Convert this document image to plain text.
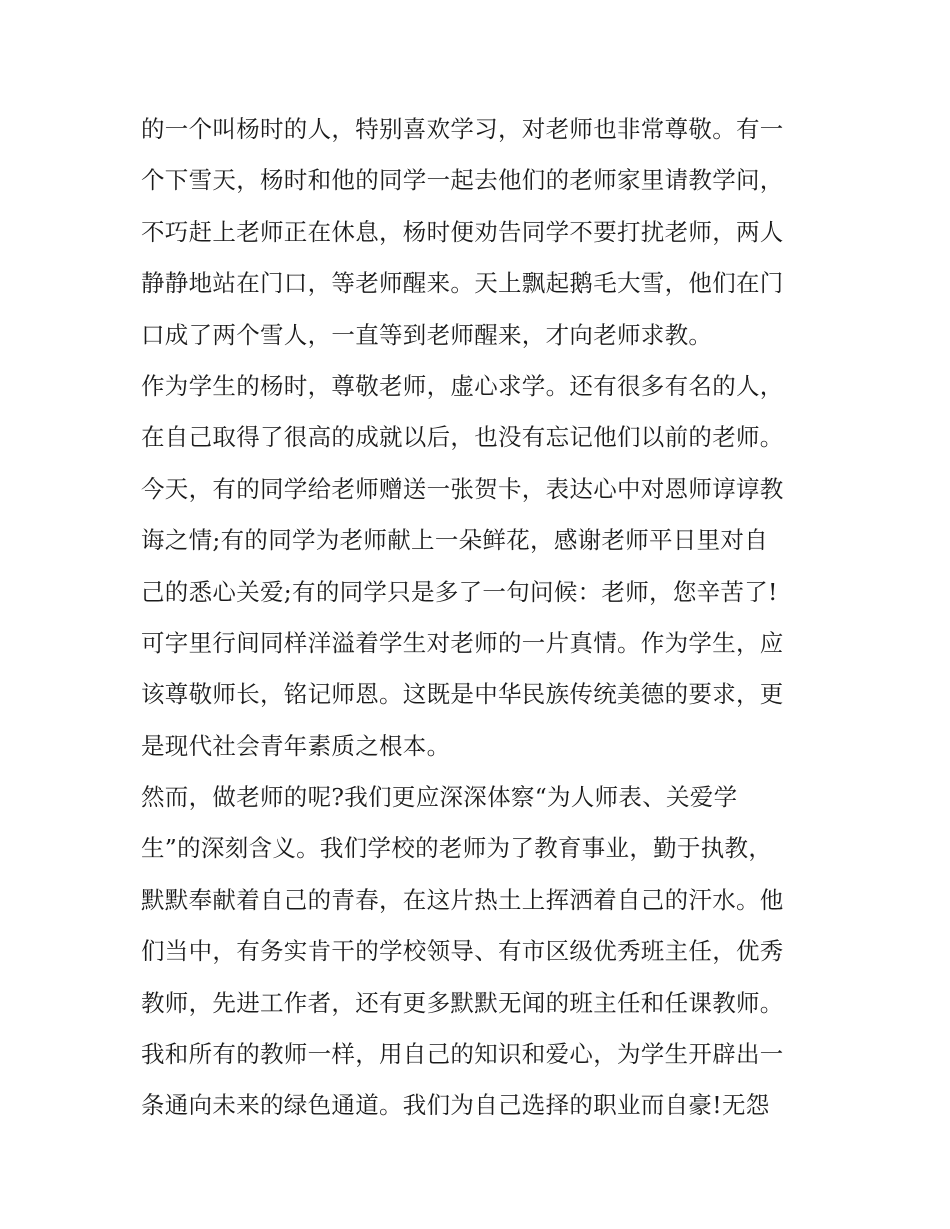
的一个叫杨时的人，特别喜欢学习，对老师也非常尊敬。有一
个下雪天，杨时和他的同学一起去他们的老师家里请教学问，
不巧赶上老师正在休息，杨时便劝告同学不要打扰老师，两人
静静地站在门口，等老师醒来。天上飘起鹅毛大雪，他们在门
口成了两个雪人，一直等到老师醒来，才向老师求教。
作为学生的杨时，尊敬老师，虚心求学。还有很多有名的人，
在自己取得了很高的成就以后，也没有忘记他们以前的老师。
今天，有的同学给老师赠送一张贺卡，表达心中对恩师谆谆教
诲之情;有的同学为老师献上一朵鲜花，感谢老师平日里对自
己的悉心关爱;有的同学只是多了一句问候：老师，您辛苦了!
可字里行间同样洋溢着学生对老师的一片真情。作为学生，应
该尊敬师长，铭记师恩。这既是中华民族传统美德的要求，更
是现代社会青年素质之根本。
然而，做老师的呢?我们更应深深体察“为人师表、关爱学
生”的深刻含义。我们学校的老师为了教育事业，勤于执教，
默默奉献着自己的青春，在这片热土上挥洒着自己的汗水。他
们当中，有务实肯干的学校领导、有市区级优秀班主任，优秀
教师，先进工作者，还有更多默默无闻的班主任和任课教师。
我和所有的教师一样，用自己的知识和爱心，为学生开辟出一
条通向未来的绿色通道。我们为自己选择的职业而自豪!无怨
